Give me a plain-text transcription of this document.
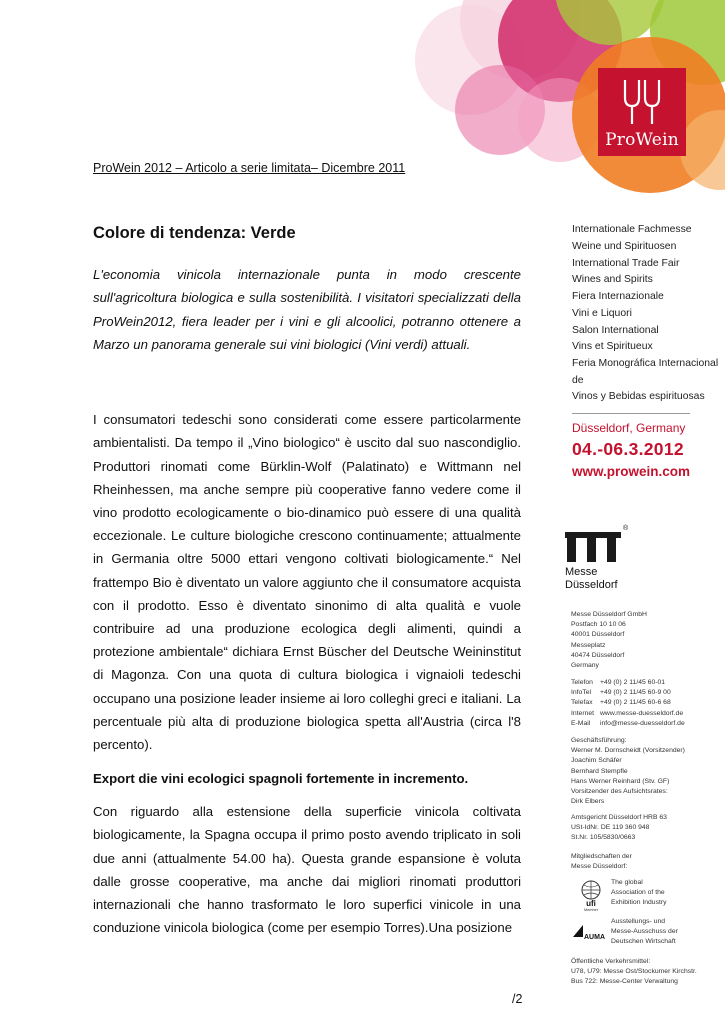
ProWein
ProWein 2012 – Articolo a serie limitata– Dicembre 2011
Colore di tendenza: Verde

L'economia vinicola internazionale punta in modo crescente sull'agricoltura biologica e sulla sostenibilità. I visitatori specializzati della ProWein2012, fiera leader per i vini e gli alcoolici, potranno ottenere a Marzo un panorama generale sui vini biologici (Vini verdi) attuali.

I consumatori tedeschi sono considerati come essere particolarmente ambientalisti. Da tempo il „Vino biologico“ è uscito dal suo nascondiglio. Produttori rinomati come Bürklin-Wolf (Palatinato) e Wittmann nel Rheinhessen, ma anche sempre più cooperative fanno vedere come il vino prodotto ecologicamente o bio-dinamico può essere di una qualità eccezionale. Le culture biologiche crescono continuamente; attualmente in Germania oltre 5000 ettari vengono coltivati biologicamente.“ Nel frattempo Bio è diventato un valore aggiunto che il consumatore acquista con il prodotto. Esso è diventato sinonimo di alta qualità e vuole contribuire ad una produzione ecologica degli alimenti, quindi a protezione ambientale“ dichiara Ernst Büscher del Deutsche Weininstitut di Magonza. Con una quota di cultura biologica i vignaioli tedeschi occupano una posizione leader insieme ai loro colleghi greci e italiani. La percentuale più alta di produzione biologica spetta all'Austria (circa l'8 percento).

Export die vini ecologici spagnoli fortemente in incremento.

Con riguardo alla estensione della superficie vinicola coltivata biologicamente, la Spagna occupa il primo posto avendo triplicato in soli due anni (attualmente 54.00 ha). Questa grande espansione è voluta dalle grosse cooperative, ma anche dai migliori rinomati produttori internazionali che hanno trasformato le loro superfici vinicole in una conduzione vinicola biologica (come per esempio Torres).Una posizione

/2
Internationale Fachmesse
Weine und Spirituosen
International Trade Fair
Wines and Spirits
Fiera Internazionale
Vini e Liquori
Salon International
Vins et Spiritueux
Feria Monográfica Internacional de
Vinos y Bebidas espirituosas
Düsseldorf, Germany
04.-06.3.2012
www.prowein.com
®
Messe
Düsseldorf
Messe Düsseldorf GmbH
Postfach 10 10 06
40001 Düsseldorf
Messeplatz
40474 Düsseldorf
Germany
Telefon	+49 (0) 2 11/45 60-01
InfoTel	+49 (0) 2 11/45 60-9 00
Telefax	+49 (0) 2 11/45 60-6 68
Internet www.messe-duesseldorf.de
E-Mail	info@messe-duesseldorf.de
Geschäftsführung:
Werner M. Dornscheidt (Vorsitzender)
Joachim Schäfer
Bernhard Stempfle
Hans Werner Reinhard (Stv. GF)
Vorsitzender des Aufsichtsrates:
Dirk Elbers
Amtsgericht Düsseldorf HRB 63
USt-IdNr. DE 119 360 948
St.Nr. 105/5830/0663
Mitgliedschaften der
Messe Düsseldorf:
ufi
Member
The global
Association of the
Exhibition Industry
AUMA
Ausstellungs- und
Messe-Ausschuss der
Deutschen Wirtschaft
Öffentliche Verkehrsmittel:
U78, U79: Messe Ost/Stockumer Kirchstr.
Bus 722: Messe-Center Verwaltung
